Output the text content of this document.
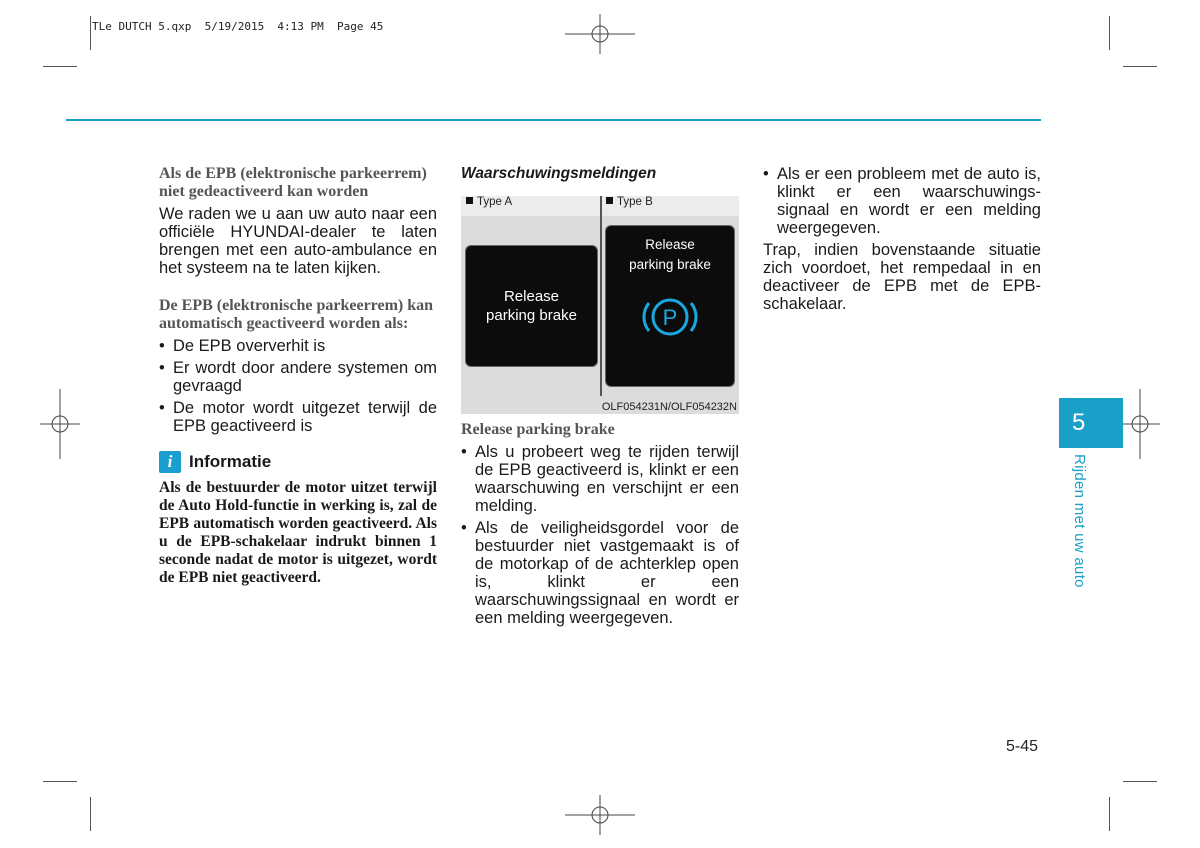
TLe DUTCH 5.qxp  5/19/2015  4:13 PM  Page 45
Als de EPB (elektronische parkeerrem) niet gedeactiveerd kan worden
We raden we u aan uw auto naar een officiële HYUNDAI-dealer te laten brengen met een auto-ambulance en het systeem na te laten kijken.
De EPB (elektronische parkeerrem) kan automatisch geactiveerd worden als:
• De EPB oververhit is
• Er wordt door andere systemen om gevraagd
• De motor wordt uitgezet terwijl de EPB geactiveerd is
i Informatie
Als de bestuurder de motor uitzet terwijl de Auto Hold-functie in werking is, zal de EPB automatisch worden geactiveerd. Als u de EPB-schakelaar indrukt binnen 1 seconde nadat de motor is uitgezet, wordt de EPB niet geactiveerd.
Waarschuwingsmeldingen
Type A	Type B
Release
parking brake
Release
parking brake
P
OLF054231N/OLF054232N
Release parking brake
• Als u probeert weg te rijden terwijl de EPB geactiveerd is, klinkt er een waarschuwing en verschijnt er een melding.
• Als de veiligheidsgordel voor de bestuurder niet vastgemaakt is of de motorkap of de achterklep open is, klinkt er een waarschuwingssignaal en wordt er een melding weergegeven.
• Als er een probleem met de auto is, klinkt er een waarschuwings-signaal en wordt er een melding weergegeven.
Trap, indien bovenstaande situatie zich voordoet, het rempedaal in en deactiveer de EPB met de EPB-schakelaar.
5
Rijden met uw auto
5-45
